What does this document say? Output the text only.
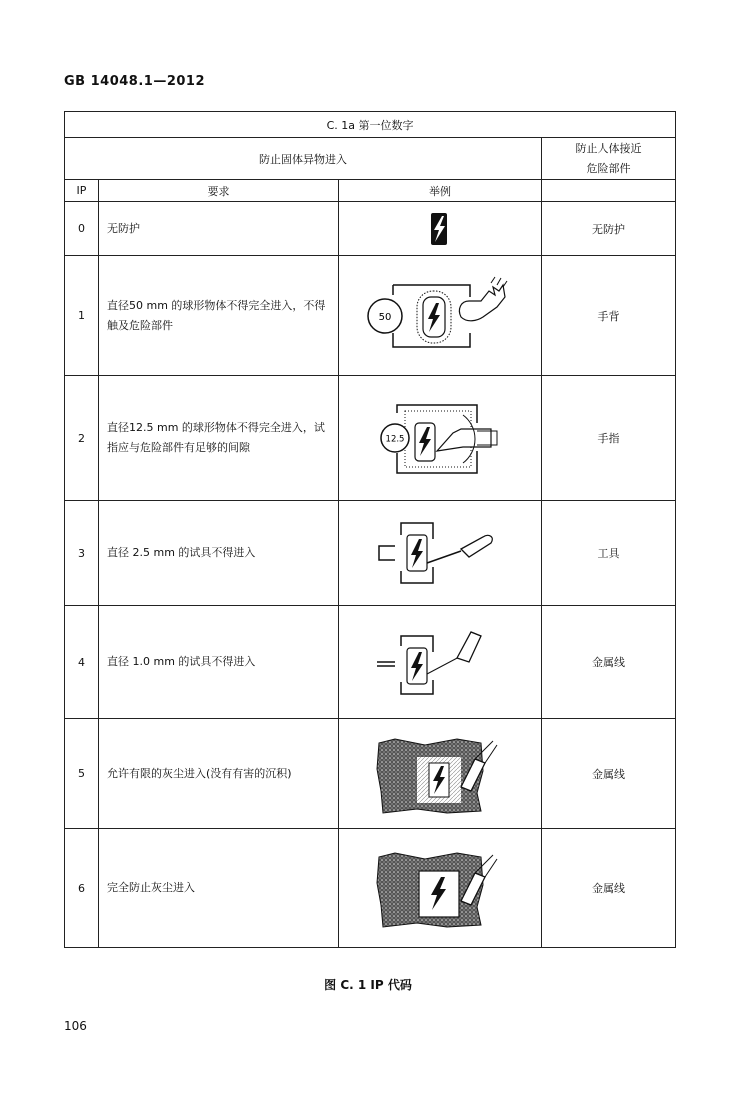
GB 14048.1—2012
C. 1a 第一位数字			
防止固体异物进入			防止人体接近
危险部件

IP	要求	举例	
0	无防护		无防护
1	直径50 mm 的球形物体不得完全进入，不得触及危险部件	50	手背
2	直径12.5 mm 的球形物体不得完全进入，试指应与危险部件有足够的间隙	12.5	手指
3	直径 2.5 mm 的试具不得进入		工具
4	直径 1.0 mm 的试具不得进入		金属线
5	允许有限的灰尘进入(没有有害的沉积)		金属线
6	完全防止灰尘进入		金属线
图 C. 1 IP 代码
106
